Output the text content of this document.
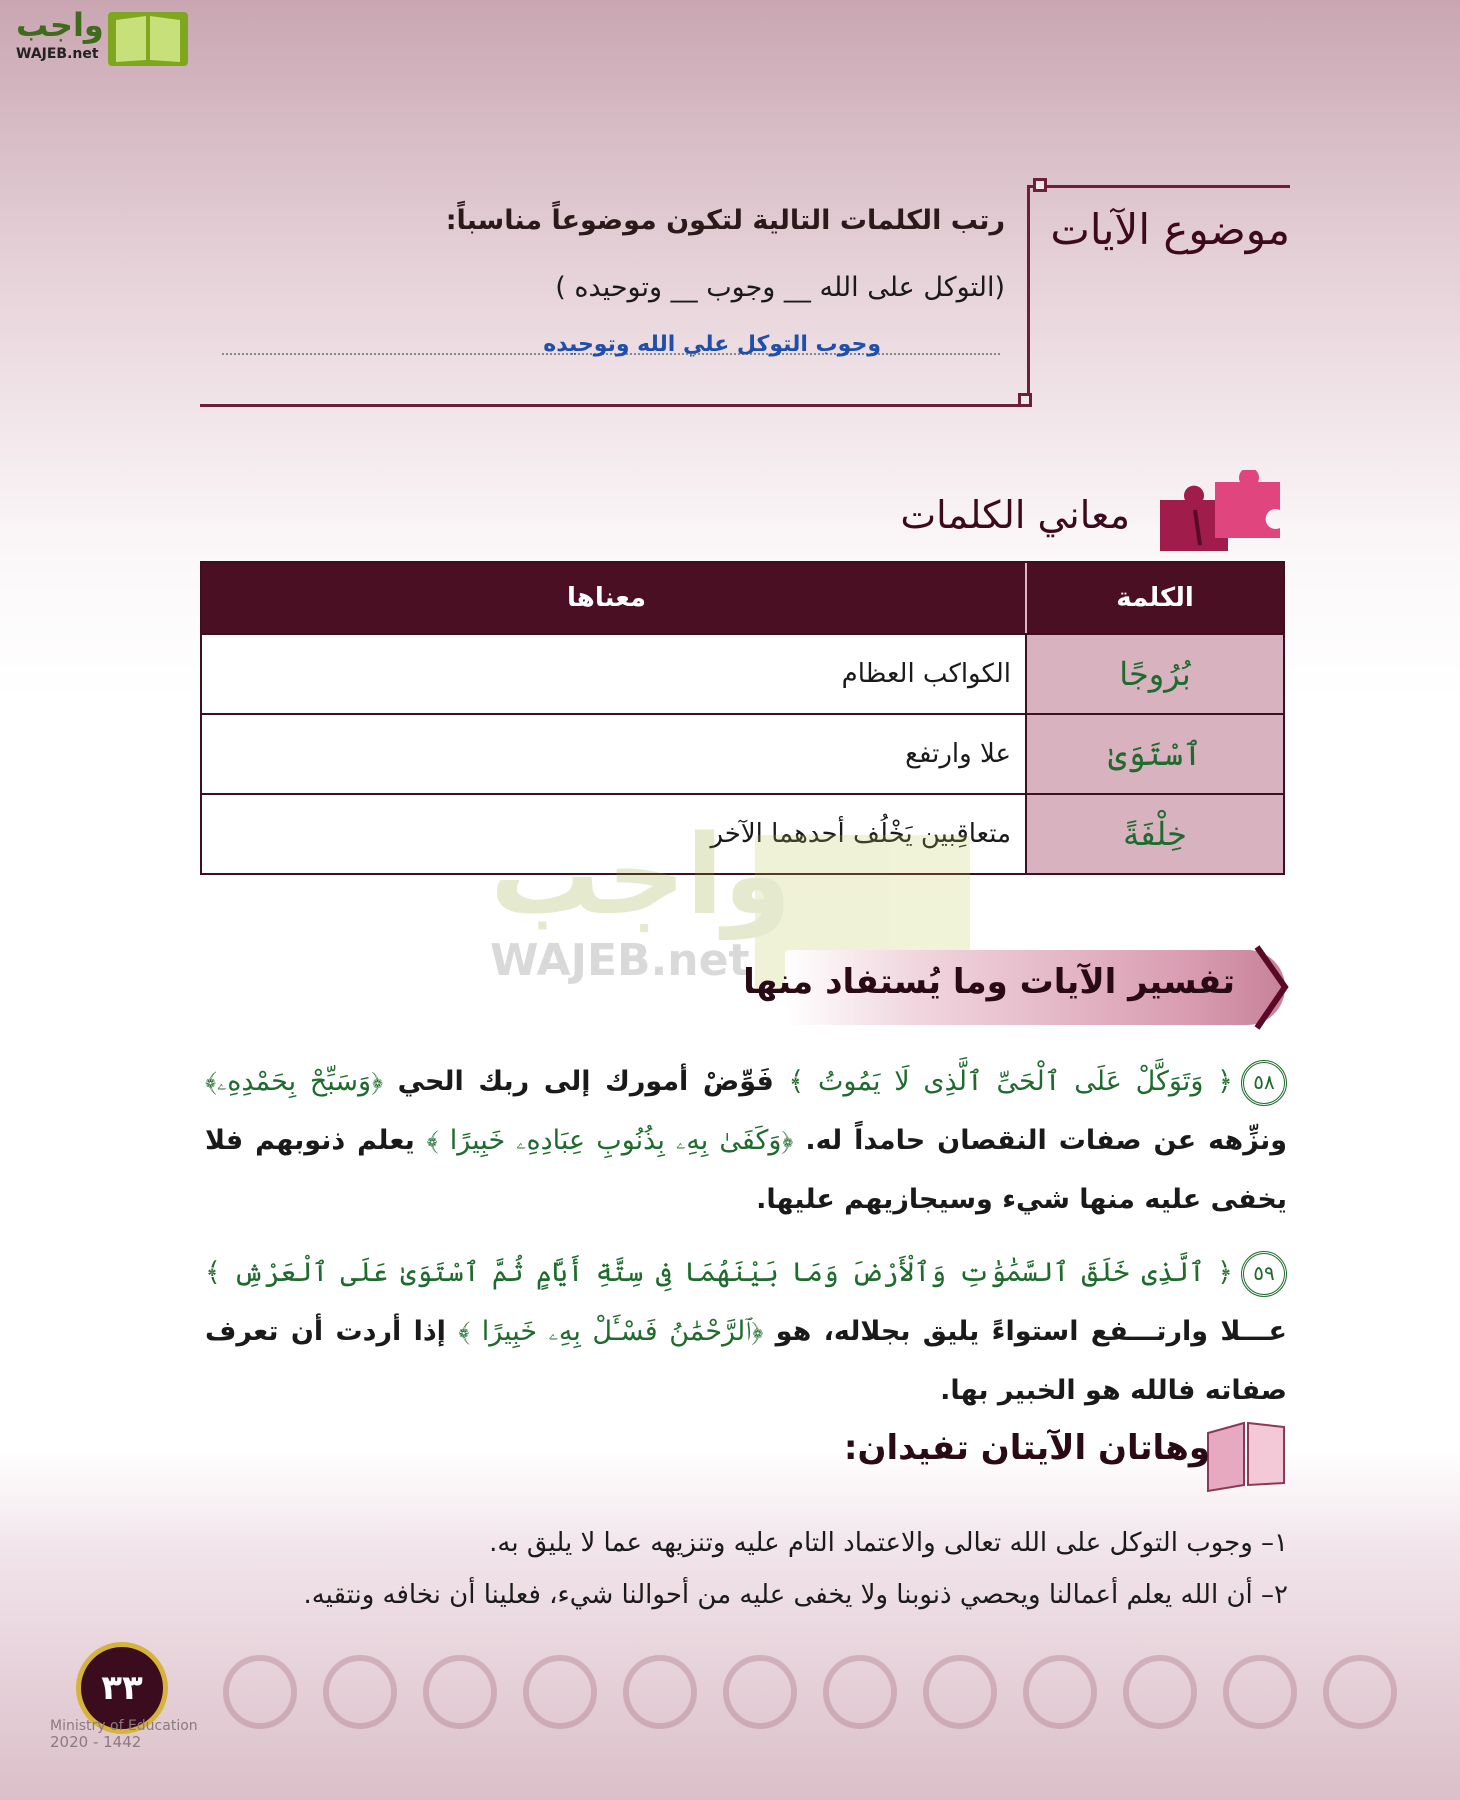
واجب
WAJEB.net
موضوع الآيات
رتب الكلمات التالية لتكون موضوعاً مناسباً:
(التوكل على الله __ وجوب __ وتوحيده )
وجوب التوكل علي الله وتوحيده
معاني الكلمات
الكلمة
معناها
بُرُوجًا
الكواكب العظام
ٱسْتَوَىٰ
علا وارتفع
خِلْفَةً
متعاقِبين يَخْلُف أحدهما الآخر
واجب
WAJEB.net
تفسير الآيات وما يُستفاد منها
٥٨﴿ وَتَوَكَّلْ عَلَى ٱلْحَىِّ ٱلَّذِى لَا يَمُوتُ ﴾ فَوِّضْ أمورك إلى ربك الحي ﴿وَسَبِّحْ بِحَمْدِهِۦ﴾ ونزِّهه عن صفات النقصان حامداً له. ﴿وَكَفَىٰ بِهِۦ بِذُنُوبِ عِبَادِهِۦ خَبِيرًا ﴾ يعلم ذنوبهم فلا يخفى عليه منها شيء وسيجازيهم عليها.
٥٩﴿ ٱلَّذِى خَلَقَ ٱلسَّمَٰوَٰتِ وَٱلْأَرْضَ وَمَا بَيْنَهُمَا فِى سِتَّةِ أَيَّامٍ ثُمَّ ٱسْتَوَىٰ عَلَى ٱلْعَرْشِ ﴾ عـــلا وارتـــفع استواءً يليق بجلاله، هو ﴿ٱلرَّحْمَٰنُ فَسْـَٔلْ بِهِۦ خَبِيرًا ﴾ إذا أردت أن تعرف صفاته فالله هو الخبير بها.
وهاتان الآيتان تفيدان:
١– وجوب التوكل على الله تعالى والاعتماد التام عليه وتنزيهه عما لا يليق به.
٢– أن الله يعلم أعمالنا ويحصي ذنوبنا ولا يخفى عليه من أحوالنا شيء، فعلينا أن نخافه ونتقيه.
٣٣
Ministry of Education
2020 - 1442
